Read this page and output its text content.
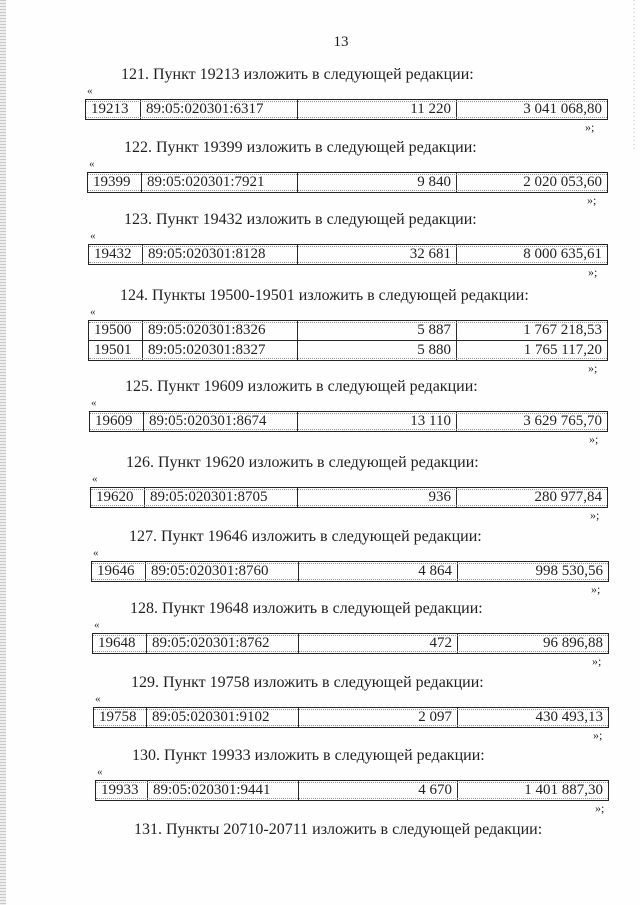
13
121. Пункт 19213 изложить в следующей редакции:
«
19213	89:05:020301:6317	11 220	3 041 068,80
»;
122. Пункт 19399 изложить в следующей редакции:
«
19399	89:05:020301:7921	9 840	2 020 053,60
»;
123. Пункт 19432 изложить в следующей редакции:
«
19432	89:05:020301:8128	32 681	8 000 635,61
»;
124. Пункты 19500-19501 изложить в следующей редакции:
«
19500	89:05:020301:8326	5 887	1 767 218,53
19501	89:05:020301:8327	5 880	1 765 117,20
»;
125. Пункт 19609 изложить в следующей редакции:
«
19609	89:05:020301:8674	13 110	3 629 765,70
»;
126. Пункт 19620 изложить в следующей редакции:
«
19620	89:05:020301:8705	936	280 977,84
»;
127. Пункт 19646 изложить в следующей редакции:
«
19646	89:05:020301:8760	4 864	998 530,56
»;
128. Пункт 19648 изложить в следующей редакции:
«
19648	89:05:020301:8762	472	96 896,88
»;
129. Пункт 19758 изложить в следующей редакции:
«
19758	89:05:020301:9102	2 097	430 493,13
»;
130. Пункт 19933 изложить в следующей редакции:
«
19933 89:05:020301:9441	4 670	1 401 887,30
»;
131. Пункты 20710-20711 изложить в следующей редакции:
